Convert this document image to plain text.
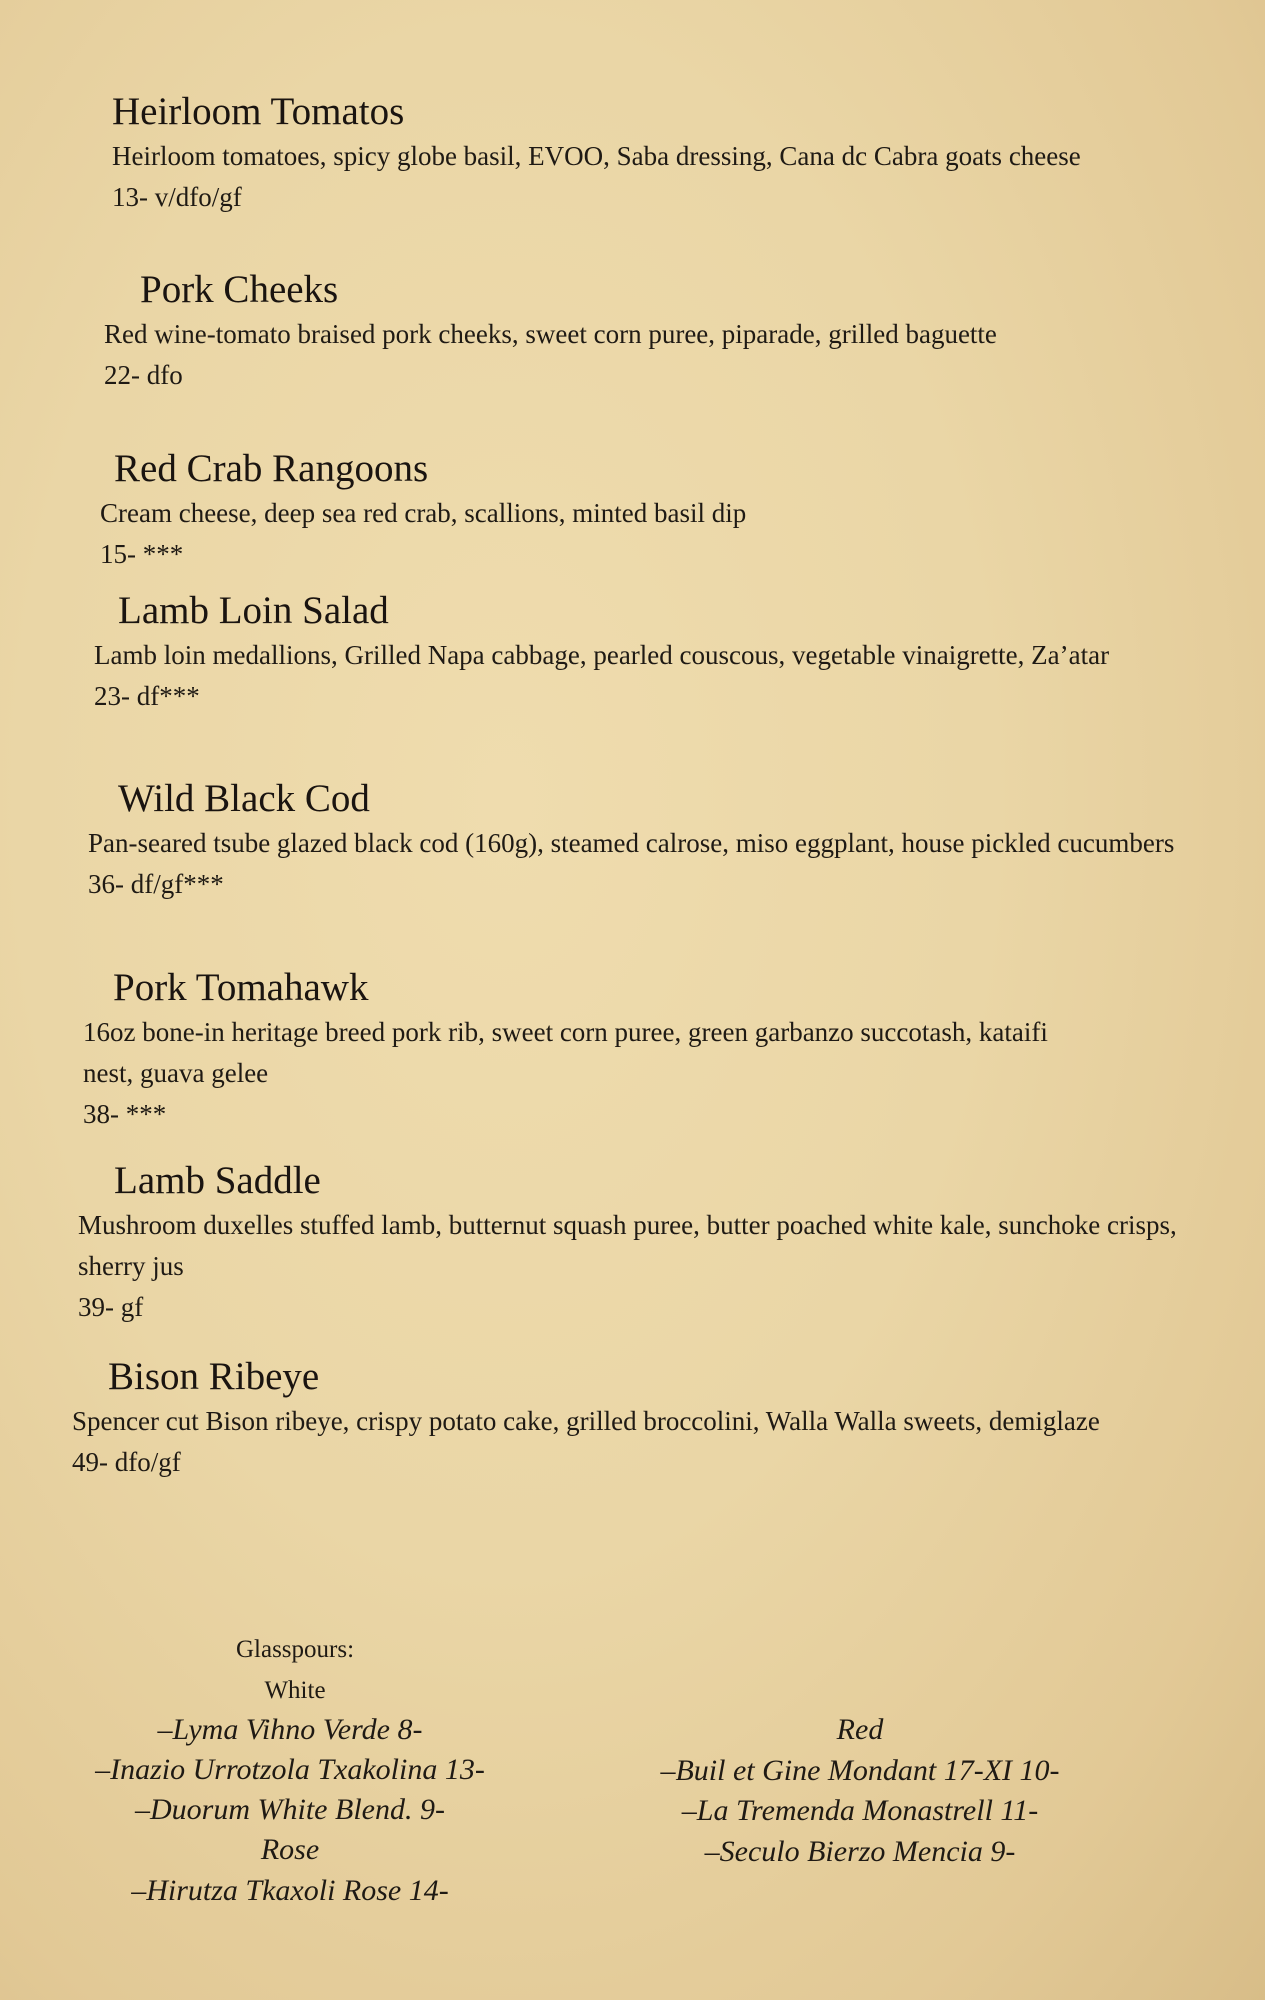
Heirloom Tomatos
Heirloom tomatoes, spicy globe basil, EVOO, Saba dressing, Cana dc Cabra goats cheese
13- v/dfo/gf
Pork Cheeks
Red wine-tomato braised pork cheeks, sweet corn puree, piparade, grilled baguette
22- dfo
Red Crab Rangoons
Cream cheese, deep sea red crab, scallions, minted basil dip
15- ***
Lamb Loin Salad
Lamb loin medallions, Grilled Napa cabbage, pearled couscous, vegetable vinaigrette, Za’atar
23- df***
Wild Black Cod
Pan-seared tsube glazed black cod (160g), steamed calrose, miso eggplant, house pickled cucumbers
36- df/gf***
Pork Tomahawk
16oz bone-in heritage breed pork rib, sweet corn puree, green garbanzo succotash, kataifi nest, guava gelee
38- ***
Lamb Saddle
Mushroom duxelles stuffed lamb, butternut squash puree, butter poached white kale, sunchoke crisps, sherry jus
39- gf
Bison Ribeye
Spencer cut Bison ribeye, crispy potato cake, grilled broccolini, Walla Walla sweets, demiglaze
49- dfo/gf
Glasspours:
White
–Lyma Vihno Verde 8-
–Inazio Urrotzola Txakolina 13-
–Duorum White Blend. 9-
Rose
–Hirutza Tkaxoli Rose 14-
Red
–Buil et Gine Mondant 17-XI 10-
–La Tremenda Monastrell 11-
–Seculo Bierzo Mencia 9-
